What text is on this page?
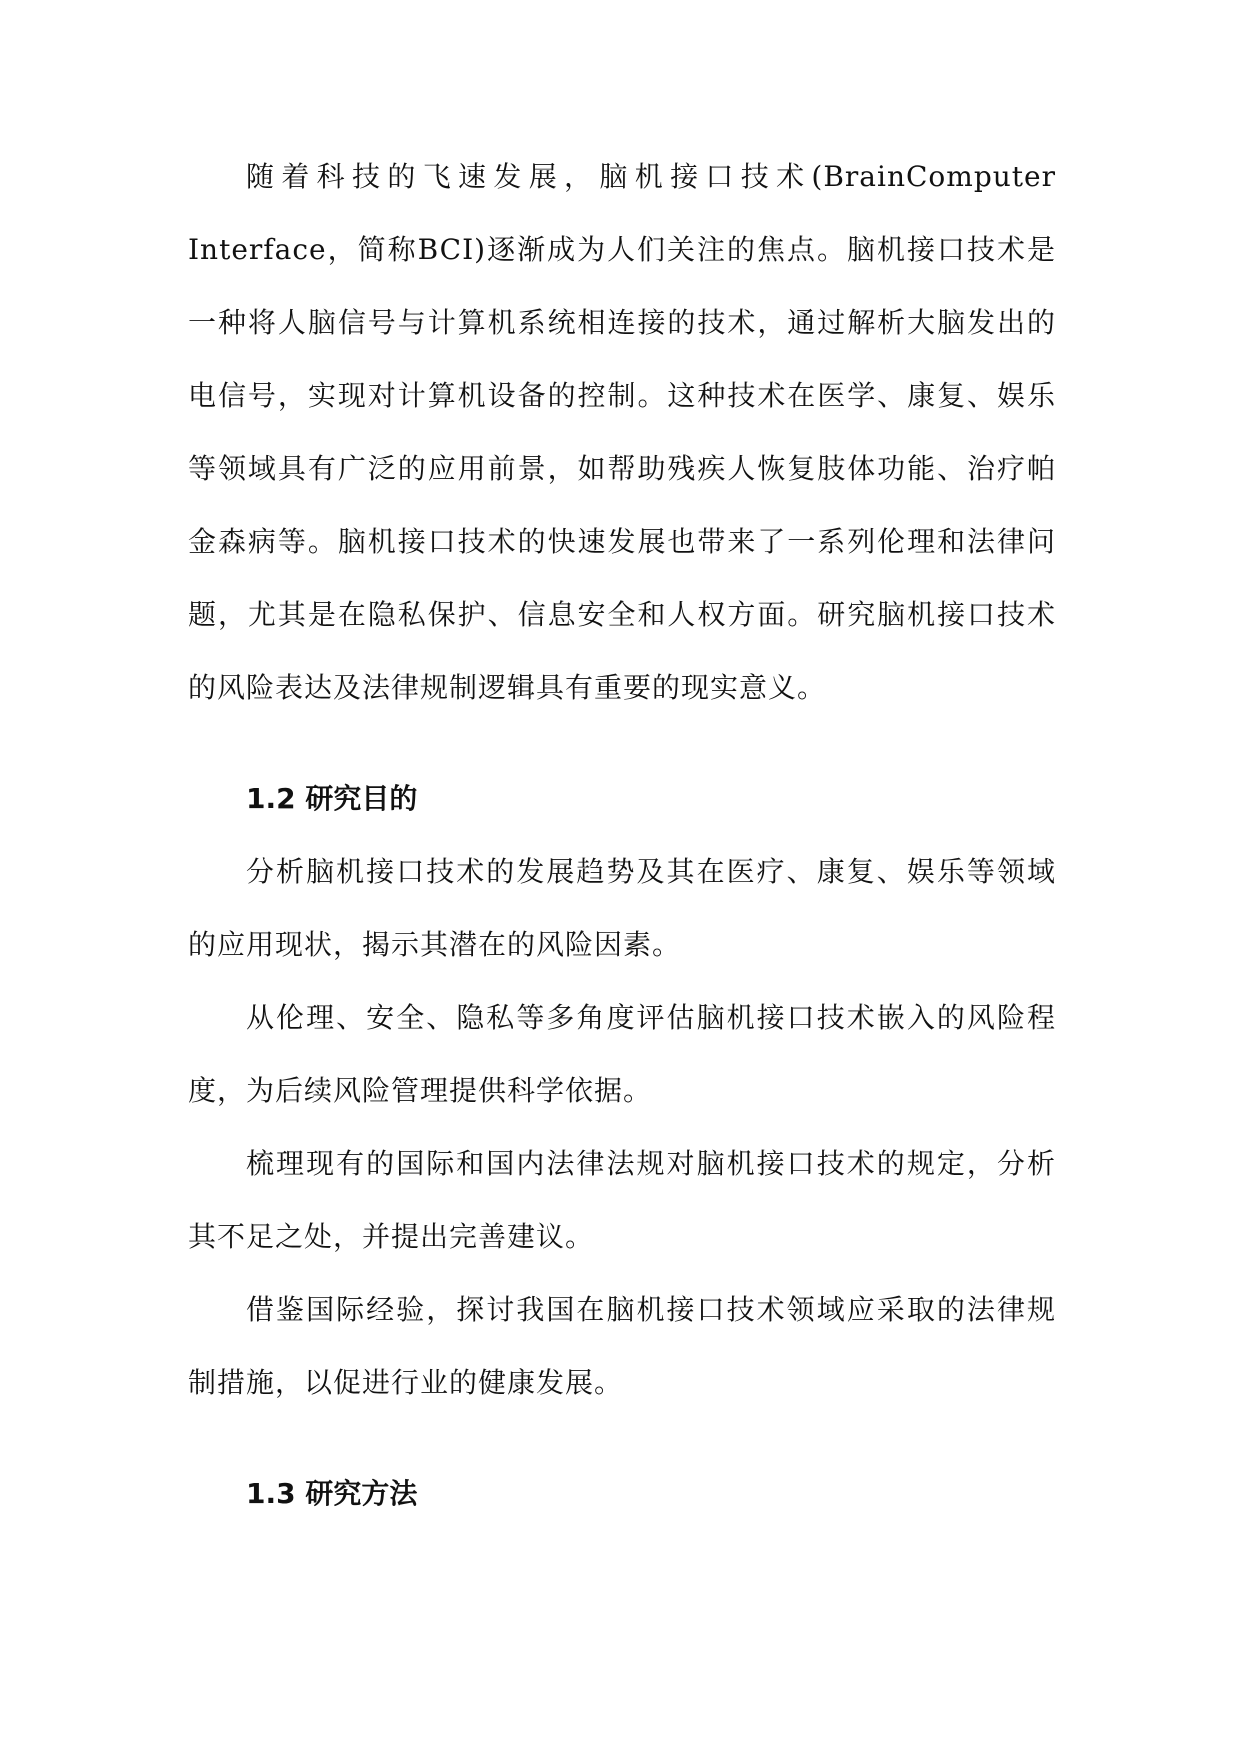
随着科技的飞速发展，脑机接口技术(BrainComputer Interface，简称BCI)逐渐成为人们关注的焦点。脑机接口技术是一种将人脑信号与计算机系统相连接的技术，通过解析大脑发出的电信号，实现对计算机设备的控制。这种技术在医学、康复、娱乐等领域具有广泛的应用前景，如帮助残疾人恢复肢体功能、治疗帕金森病等。脑机接口技术的快速发展也带来了一系列伦理和法律问题，尤其是在隐私保护、信息安全和人权方面。研究脑机接口技术的风险表达及法律规制逻辑具有重要的现实意义。

1.2 研究目的

分析脑机接口技术的发展趋势及其在医疗、康复、娱乐等领域的应用现状，揭示其潜在的风险因素。

从伦理、安全、隐私等多角度评估脑机接口技术嵌入的风险程度，为后续风险管理提供科学依据。

梳理现有的国际和国内法律法规对脑机接口技术的规定，分析其不足之处，并提出完善建议。

借鉴国际经验，探讨我国在脑机接口技术领域应采取的法律规制措施，以促进行业的健康发展。

1.3 研究方法
